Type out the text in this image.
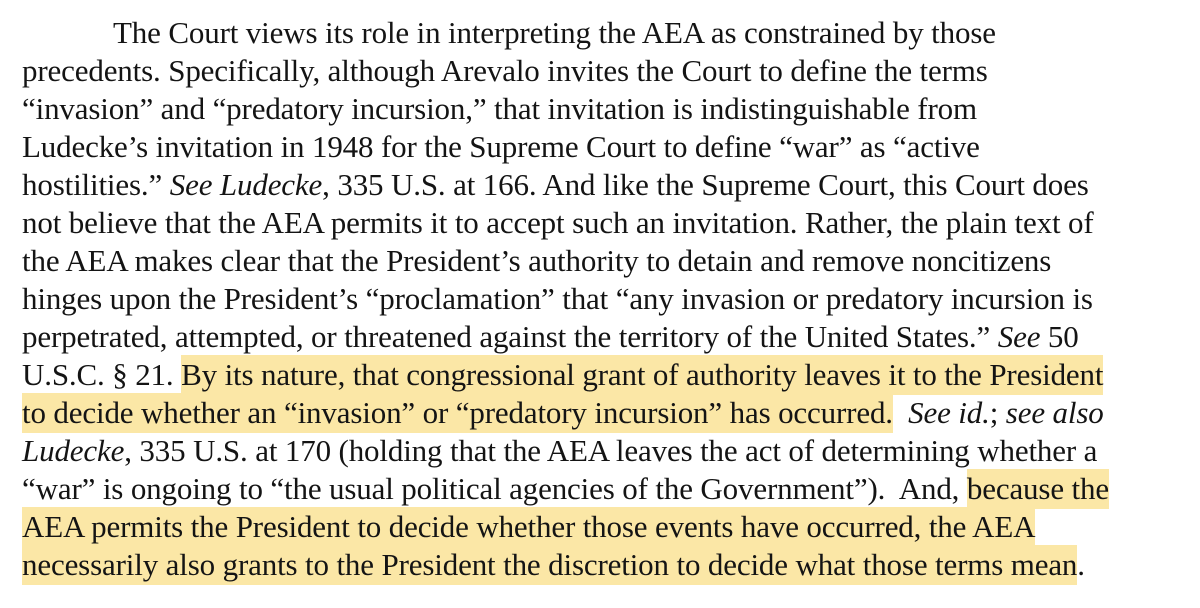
The Court views its role in interpreting the AEA as constrained by those
precedents. Specifically, although Arevalo invites the Court to define the terms
“invasion” and “predatory incursion,” that invitation is indistinguishable from
Ludecke’s invitation in 1948 for the Supreme Court to define “war” as “active
hostilities.” See Ludecke, 335 U.S. at 166. And like the Supreme Court, this Court does
not believe that the AEA permits it to accept such an invitation. Rather, the plain text of
the AEA makes clear that the President’s authority to detain and remove noncitizens
hinges upon the President’s “proclamation” that “any invasion or predatory incursion is
perpetrated, attempted, or threatened against the territory of the United States.” See 50
U.S.C. § 21. By its nature, that congressional grant of authority leaves it to the President
to decide whether an “invasion” or “predatory incursion” has occurred. See id.; see also
Ludecke, 335 U.S. at 170 (holding that the AEA leaves the act of determining whether a
“war” is ongoing to “the usual political agencies of the Government”).  And, because the
AEA permits the President to decide whether those events have occurred, the AEA
necessarily also grants to the President the discretion to decide what those terms mean.
